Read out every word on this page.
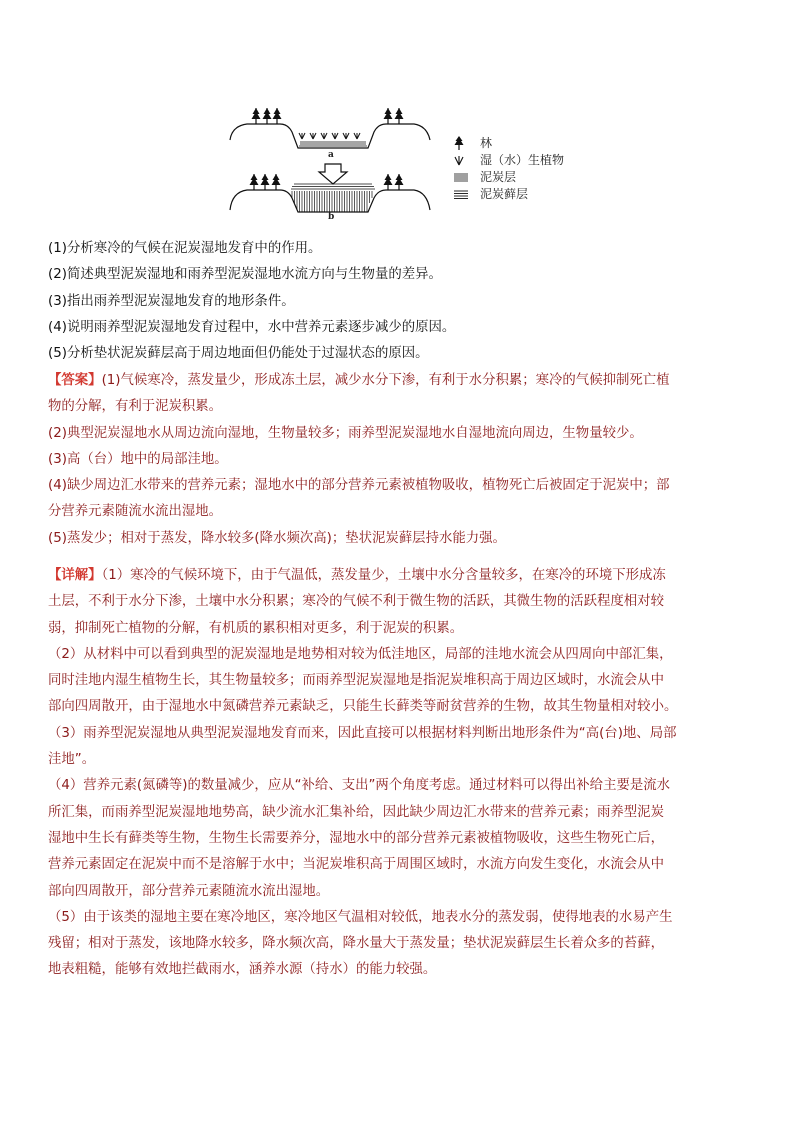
a
b
林
湿（水）生植物
泥炭层
泥炭藓层
(1)分析寒冷的气候在泥炭湿地发育中的作用。
(2)简述典型泥炭湿地和雨养型泥炭湿地水流方向与生物量的差异。
(3)指出雨养型泥炭湿地发育的地形条件。
(4)说明雨养型泥炭湿地发育过程中，水中营养元素逐步减少的原因。
(5)分析垫状泥炭藓层高于周边地面但仍能处于过湿状态的原因。
【答案】(1)气候寒冷，蒸发量少，形成冻土层，减少水分下渗，有利于水分积累；寒冷的气候抑制死亡植
物的分解，有利于泥炭积累。
(2)典型泥炭湿地水从周边流向湿地，生物量较多；雨养型泥炭湿地水自湿地流向周边，生物量较少。
(3)高（台）地中的局部洼地。
(4)缺少周边汇水带来的营养元素；湿地水中的部分营养元素被植物吸收，植物死亡后被固定于泥炭中；部
分营养元素随流水流出湿地。
(5)蒸发少；相对于蒸发，降水较多(降水频次高)；垫状泥炭藓层持水能力强。
【详解】（1）寒冷的气候环境下，由于气温低，蒸发量少，土壤中水分含量较多，在寒冷的环境下形成冻
土层，不利于水分下渗，土壤中水分积累；寒冷的气候不利于微生物的活跃，其微生物的活跃程度相对较
弱，抑制死亡植物的分解，有机质的累积相对更多，利于泥炭的积累。
（2）从材料中可以看到典型的泥炭湿地是地势相对较为低洼地区，局部的洼地水流会从四周向中部汇集，
同时洼地内湿生植物生长，其生物量较多；而雨养型泥炭湿地是指泥炭堆积高于周边区域时，水流会从中
部向四周散开，由于湿地水中氮磷营养元素缺乏，只能生长藓类等耐贫营养的生物，故其生物量相对较小。
（3）雨养型泥炭湿地从典型泥炭湿地发育而来，因此直接可以根据材料判断出地形条件为“高(台)地、局部
洼地”。
（4）营养元素(氮磷等)的数量减少，应从“补给、支出”两个角度考虑。通过材料可以得出补给主要是流水
所汇集，而雨养型泥炭湿地地势高，缺少流水汇集补给，因此缺少周边汇水带来的营养元素；雨养型泥炭
湿地中生长有藓类等生物，生物生长需要养分，湿地水中的部分营养元素被植物吸收，这些生物死亡后，
营养元素固定在泥炭中而不是溶解于水中；当泥炭堆积高于周围区域时，水流方向发生变化，水流会从中
部向四周散开，部分营养元素随流水流出湿地。
（5）由于该类的湿地主要在寒冷地区，寒冷地区气温相对较低，地表水分的蒸发弱，使得地表的水易产生
残留；相对于蒸发，该地降水较多，降水频次高，降水量大于蒸发量；垫状泥炭藓层生长着众多的苔藓，
地表粗糙，能够有效地拦截雨水，涵养水源（持水）的能力较强。
